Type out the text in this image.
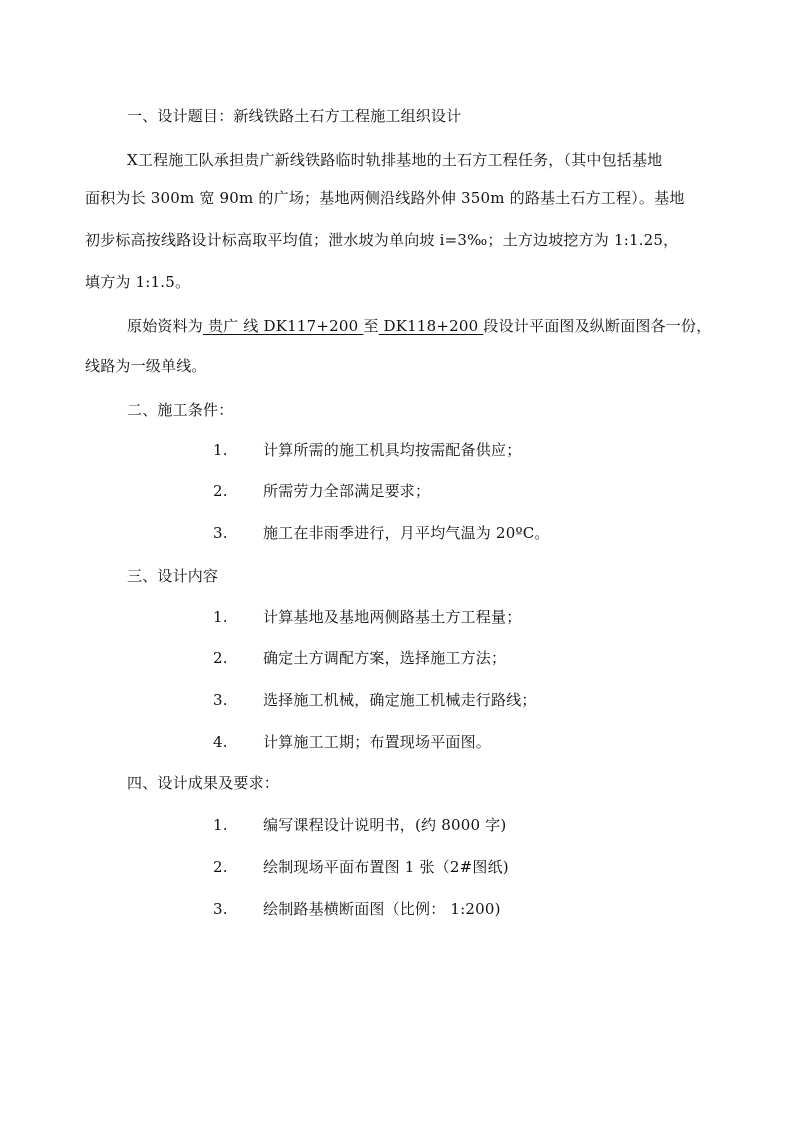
一、设计题目：新线铁路土石方工程施工组织设计
X工程施工队承担贵广新线铁路临时轨排基地的土石方工程任务，（其中包括基地
面积为长 300m 宽 90m 的广场；基地两侧沿线路外伸 350m 的路基土石方工程）。基地
初步标高按线路设计标高取平均值；泄水坡为单向坡 i=3‰；土方边坡挖方为 1:1.25，
填方为 1:1.5。
原始资料为 贵广 线 DK117+200 至 DK118+200 段设计平面图及纵断面图各一份，
线路为一级单线。
二、施工条件：
1. 计算所需的施工机具均按需配备供应；
2. 所需劳力全部满足要求；
3. 施工在非雨季进行，月平均气温为 20ºC。
三、设计内容
1. 计算基地及基地两侧路基土方工程量；
2. 确定土方调配方案，选择施工方法；
3. 选择施工机械，确定施工机械走行路线；
4. 计算施工工期；布置现场平面图。
四、设计成果及要求：
1. 编写课程设计说明书，(约 8000 字)
2. 绘制现场平面布置图 1 张（2#图纸)
3. 绘制路基横断面图（比例： 1:200)
